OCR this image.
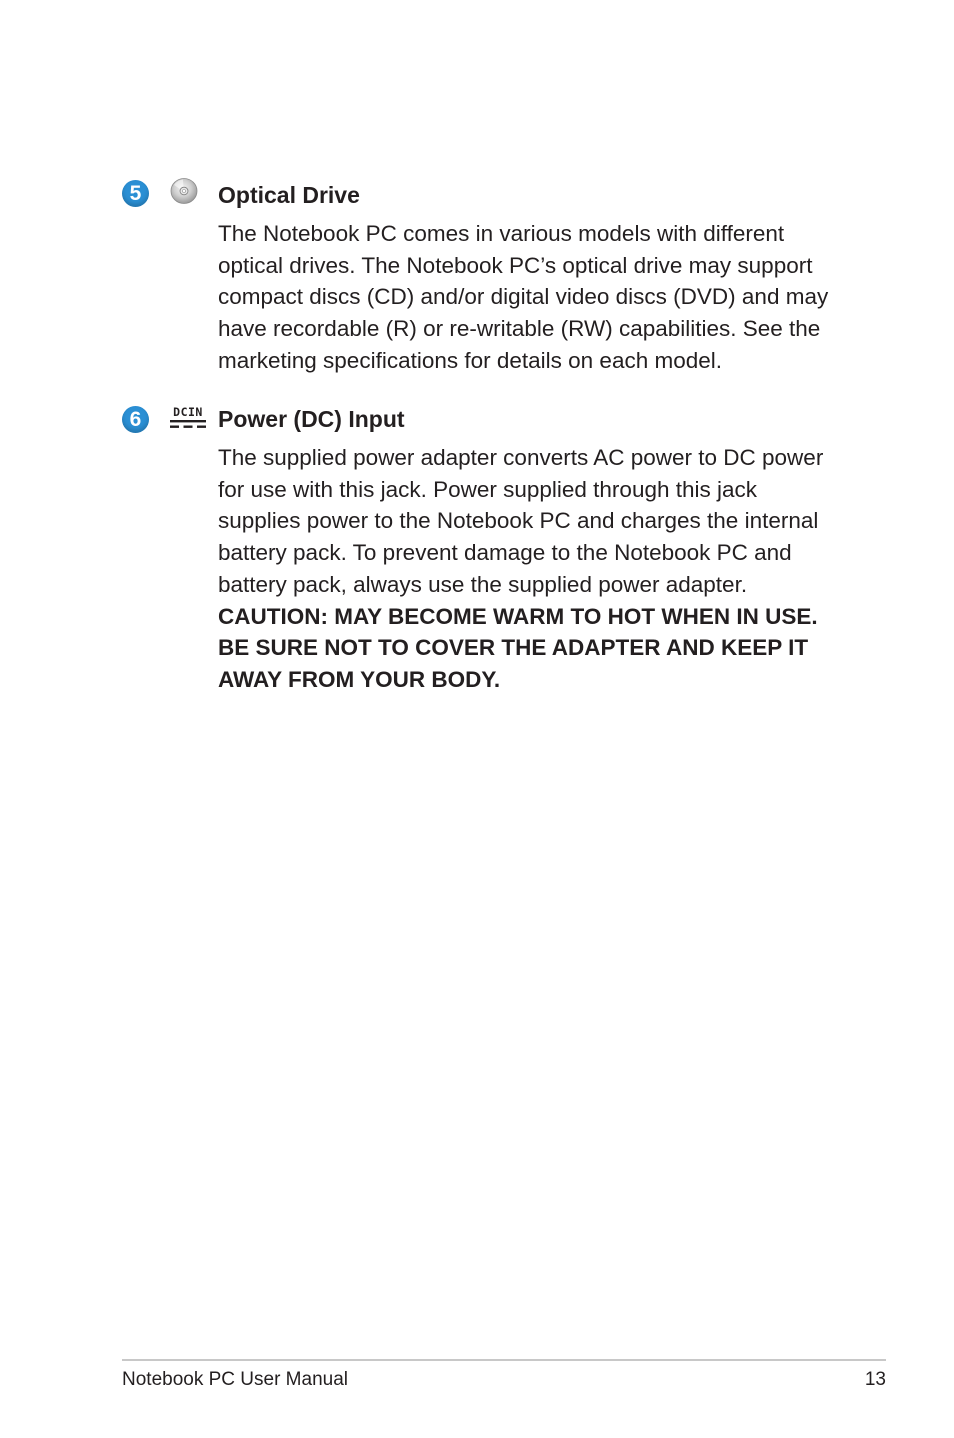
5	Optical Drive

The Notebook PC comes in various models with different optical drives. The Notebook PC’s optical drive may support compact discs (CD) and/or digital video discs (DVD) and may have recordable (R) or re-writable (RW) capabilities. See the marketing specifications for details on each model.

6	DCIN Power (DC) Input

The supplied power adapter converts AC power to DC power for use with this jack. Power supplied through this jack supplies power to the Notebook PC and charges the internal battery pack. To prevent damage to the Notebook PC and battery pack, always use the supplied power adapter. CAUTION: MAY BECOME WARM TO HOT WHEN IN USE. BE SURE NOT TO COVER THE ADAPTER AND KEEP IT AWAY FROM YOUR BODY.

Notebook PC User Manual	13
